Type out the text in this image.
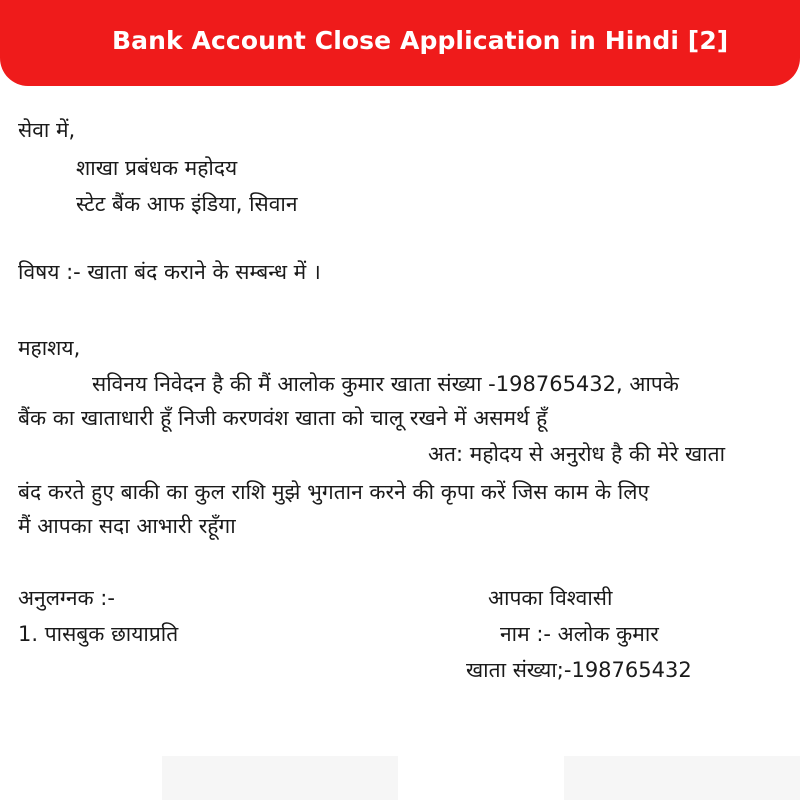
Bank Account Close Application in Hindi [2]
सेवा में,
शाखा प्रबंधक महोदय
स्टेट बैंक आफ इंडिया, सिवान
विषय :- खाता बंद कराने के सम्बन्ध में ।
महाशय,
सविनय निवेदन है की मैं आलोक कुमार खाता संख्या -198765432, आपके
बैंक का खाताधारी हूँ निजी करणवंश खाता को चालू रखने में असमर्थ हूँ
अत: महोदय से अनुरोध है की मेरे खाता
बंद करते हुए बाकी का कुल राशि मुझे भुगतान करने की कृपा करें जिस काम के लिए
मैं आपका सदा आभारी रहूँगा
अनुलग्नक :-
1. पासबुक छायाप्रति
आपका विश्वासी
नाम :- अलोक कुमार
खाता संख्या;-198765432
